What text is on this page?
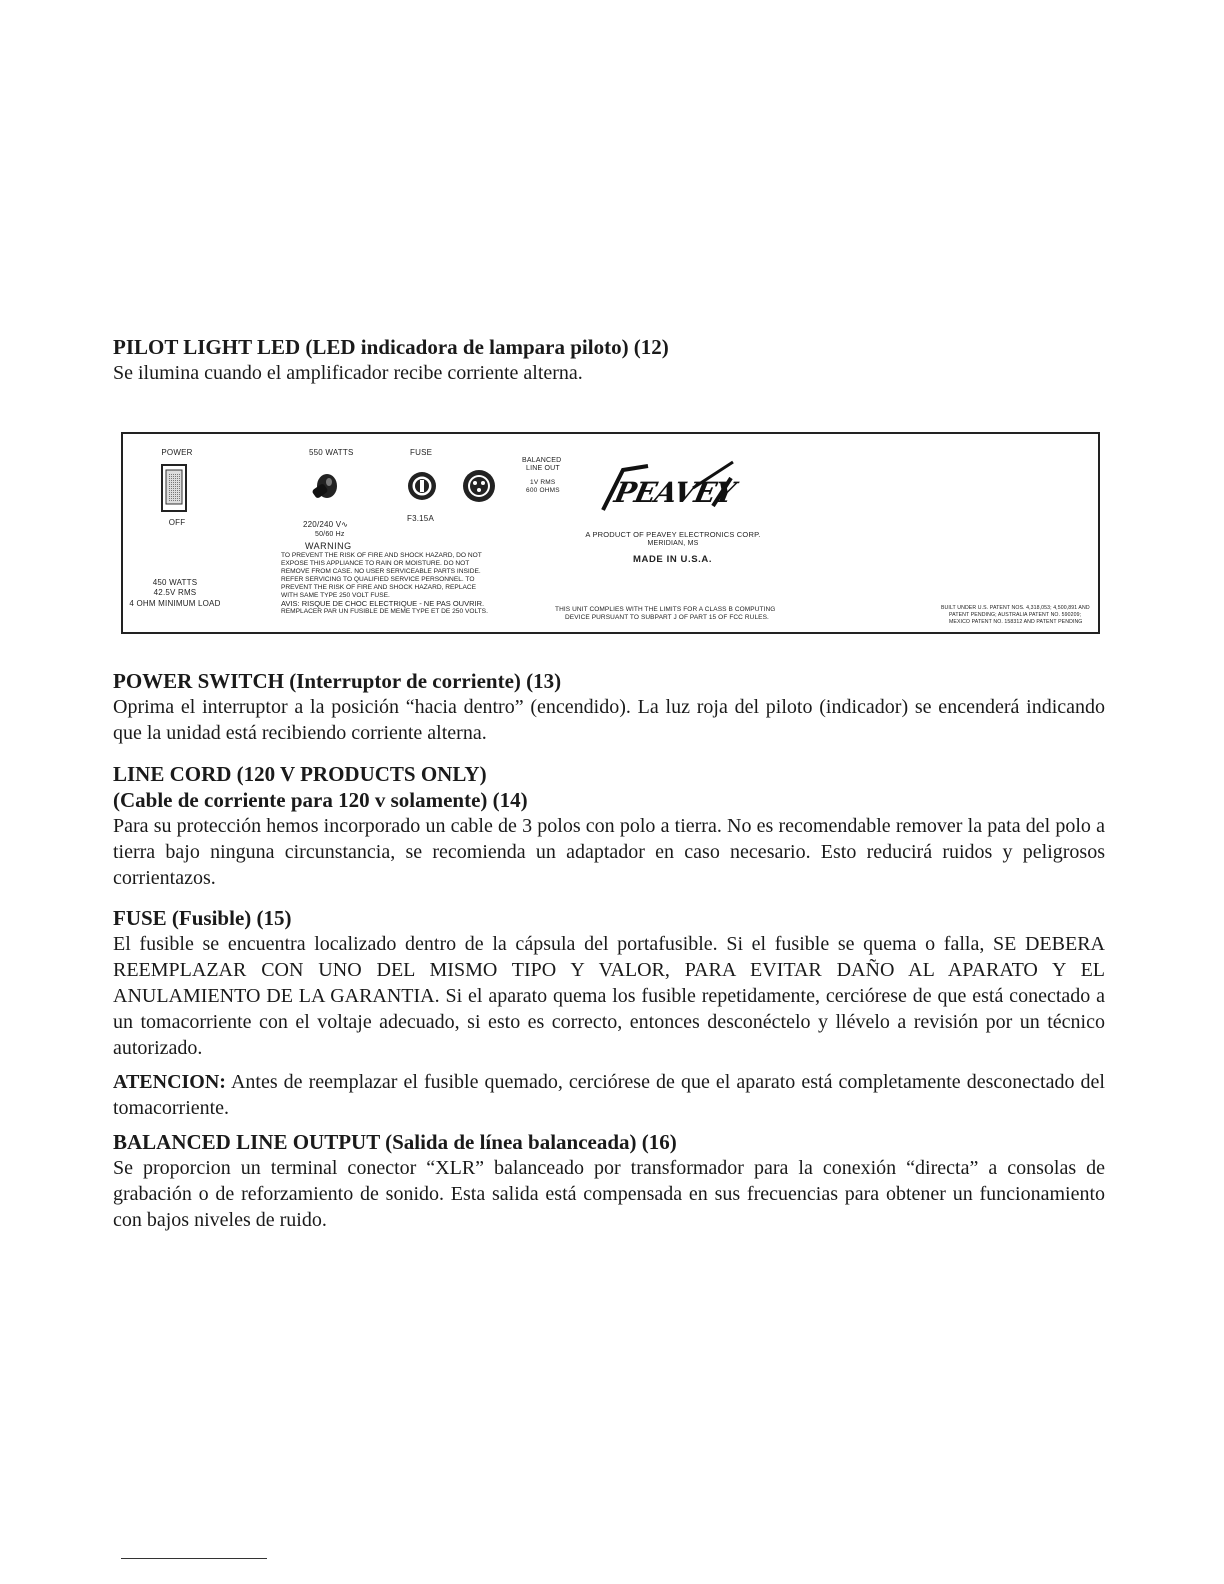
PILOT LIGHT LED (LED indicadora de lampara piloto) (12)

Se ilumina cuando el amplificador recibe corriente alterna.

POWER
OFF
450 WATTS
42.5V RMS
4 OHM MINIMUM LOAD
550 WATTS
220/240 V∿
50/60 Hz
FUSE
F3.15A
BALANCED
LINE OUT
1V RMS
600 OHMS
WARNING
TO PREVENT THE RISK OF FIRE AND SHOCK HAZARD, DO NOT
EXPOSE THIS APPLIANCE TO RAIN OR MOISTURE. DO NOT
REMOVE FROM CASE. NO USER SERVICEABLE PARTS INSIDE.
REFER SERVICING TO QUALIFIED SERVICE PERSONNEL. TO
PREVENT THE RISK OF FIRE AND SHOCK HAZARD, REPLACE
WITH SAME TYPE 250 VOLT FUSE.
AVIS: RISQUE DE CHOC ELECTRIQUE - NE PAS OUVRIR.
REMPLACER PAR UN FUSIBLE DE MEME TYPE ET DE 250 VOLTS.
PEAVEY
A PRODUCT OF PEAVEY ELECTRONICS CORP.
MERIDIAN, MS
MADE IN U.S.A.
THIS UNIT COMPLIES WITH THE LIMITS FOR A CLASS B COMPUTING
DEVICE PURSUANT TO SUBPART J OF PART 15 OF FCC RULES.
BUILT UNDER U.S. PATENT NOS. 4,318,053; 4,500,891 AND
PATENT PENDING; AUSTRALIA PATENT NO. 590209;
MEXICO PATENT NO. 158312 AND PATENT PENDING

POWER SWITCH (Interruptor de corriente) (13)

Oprima el interruptor a la posición “hacia dentro” (encendido). La luz roja del piloto (indicador) se encenderá indicando que la unidad está recibiendo corriente alterna.

LINE CORD (120 V PRODUCTS ONLY)

(Cable de corriente para 120 v solamente) (14)

Para su protección hemos incorporado un cable de 3 polos con polo a tierra. No es recomendable remover la pata del polo a tierra bajo ninguna circunstancia, se recomienda un adaptador en caso necesario. Esto reducirá ruidos y peligrosos corrientazos.

FUSE (Fusible) (15)

El fusible se encuentra localizado dentro de la cápsula del portafusible. Si el fusible se quema o falla, SE DEBERA REEMPLAZAR CON UNO DEL MISMO TIPO Y VALOR, PARA EVITAR DAÑO AL APARATO Y EL ANULAMIENTO DE LA GARANTIA. Si el aparato quema los fusible repetidamente, cerciórese de que está conectado a un tomacorriente con el voltaje adecuado, si esto es correcto, entonces desconéctelo y llévelo a revisión por un técnico autorizado.

ATENCION: Antes de reemplazar el fusible quemado, cerciórese de que el aparato está completamente desconectado del tomacorriente.

BALANCED LINE OUTPUT (Salida de línea balanceada) (16)

Se proporcion un terminal conector “XLR” balanceado por transformador para la conexión “directa” a consolas de grabación o de reforzamiento de sonido. Esta salida está compensada en sus frecuencias para obtener un funcionamiento con bajos niveles de ruido.
